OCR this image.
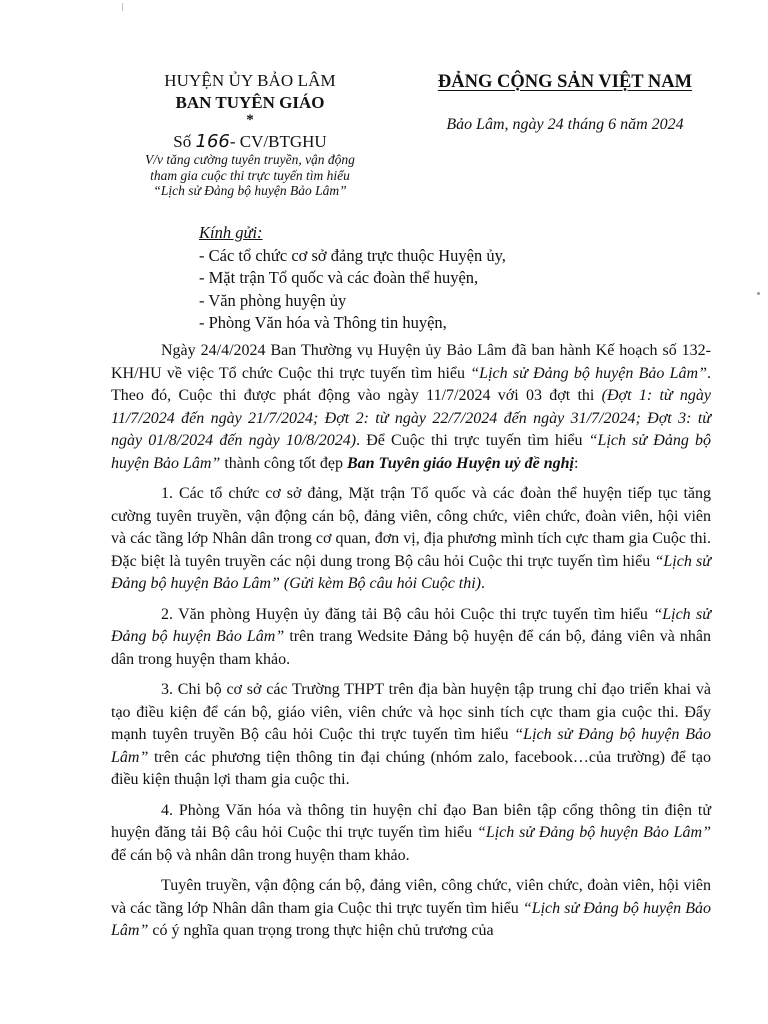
|
HUYỆN ỦY BẢO LÂM
BAN TUYÊN GIÁO
*
Số 166- CV/BTGHU
V/v tăng cường tuyên truyền, vận động
tham gia cuộc thi trực tuyến tìm hiểu
“Lịch sử Đảng bộ huyện Bảo Lâm”
ĐẢNG CỘNG SẢN VIỆT NAM
Bảo Lâm, ngày 24 tháng 6 năm 2024
Kính gửi:
- Các tổ chức cơ sở đảng trực thuộc Huyện ủy,
- Mặt trận Tổ quốc và các đoàn thể huyện,
- Văn phòng huyện ủy
- Phòng Văn hóa và Thông tin huyện,

Ngày 24/4/2024 Ban Thường vụ Huyện ủy Bảo Lâm đã ban hành Kế hoạch số 132-KH/HU về việc Tổ chức Cuộc thi trực tuyến tìm hiểu “Lịch sử Đảng bộ huyện Bảo Lâm”. Theo đó, Cuộc thi được phát động vào ngày 11/7/2024 với 03 đợt thi (Đợt 1: từ ngày 11/7/2024 đến ngày 21/7/2024; Đợt 2: từ ngày 22/7/2024 đến ngày 31/7/2024; Đợt 3: từ ngày 01/8/2024 đến ngày 10/8/2024). Để Cuộc thi trực tuyến tìm hiểu “Lịch sử Đảng bộ huyện Bảo Lâm” thành công tốt đẹp Ban Tuyên giáo Huyện uỷ đề nghị:

1. Các tổ chức cơ sở đảng, Mặt trận Tổ quốc và các đoàn thể huyện tiếp tục tăng cường tuyên truyền, vận động cán bộ, đảng viên, công chức, viên chức, đoàn viên, hội viên và các tầng lớp Nhân dân trong cơ quan, đơn vị, địa phương mình tích cực tham gia Cuộc thi. Đặc biệt là tuyên truyền các nội dung trong Bộ câu hỏi Cuộc thi trực tuyến tìm hiểu “Lịch sử Đảng bộ huyện Bảo Lâm” (Gửi kèm Bộ câu hỏi Cuộc thi).

2. Văn phòng Huyện ủy đăng tải Bộ câu hỏi Cuộc thi trực tuyến tìm hiểu “Lịch sử Đảng bộ huyện Bảo Lâm” trên trang Wedsite Đảng bộ huyện để cán bộ, đảng viên và nhân dân trong huyện tham khảo.

3. Chi bộ cơ sở các Trường THPT trên địa bàn huyện tập trung chỉ đạo triển khai và tạo điều kiện để cán bộ, giáo viên, viên chức và học sinh tích cực tham gia cuộc thi. Đẩy mạnh tuyên truyền Bộ câu hỏi Cuộc thi trực tuyến tìm hiểu “Lịch sử Đảng bộ huyện Bảo Lâm” trên các phương tiện thông tin đại chúng (nhóm zalo, facebook…của trường) để tạo điều kiện thuận lợi tham gia cuộc thi.

4. Phòng Văn hóa và thông tin huyện chỉ đạo Ban biên tập cổng thông tin điện tử huyện đăng tải Bộ câu hỏi Cuộc thi trực tuyến tìm hiểu “Lịch sử Đảng bộ huyện Bảo Lâm” để cán bộ và nhân dân trong huyện tham khảo.

Tuyên truyền, vận động cán bộ, đảng viên, công chức, viên chức, đoàn viên, hội viên và các tầng lớp Nhân dân tham gia Cuộc thi trực tuyến tìm hiểu “Lịch sử Đảng bộ huyện Bảo Lâm” có ý nghĩa quan trọng trong thực hiện chủ trương của
